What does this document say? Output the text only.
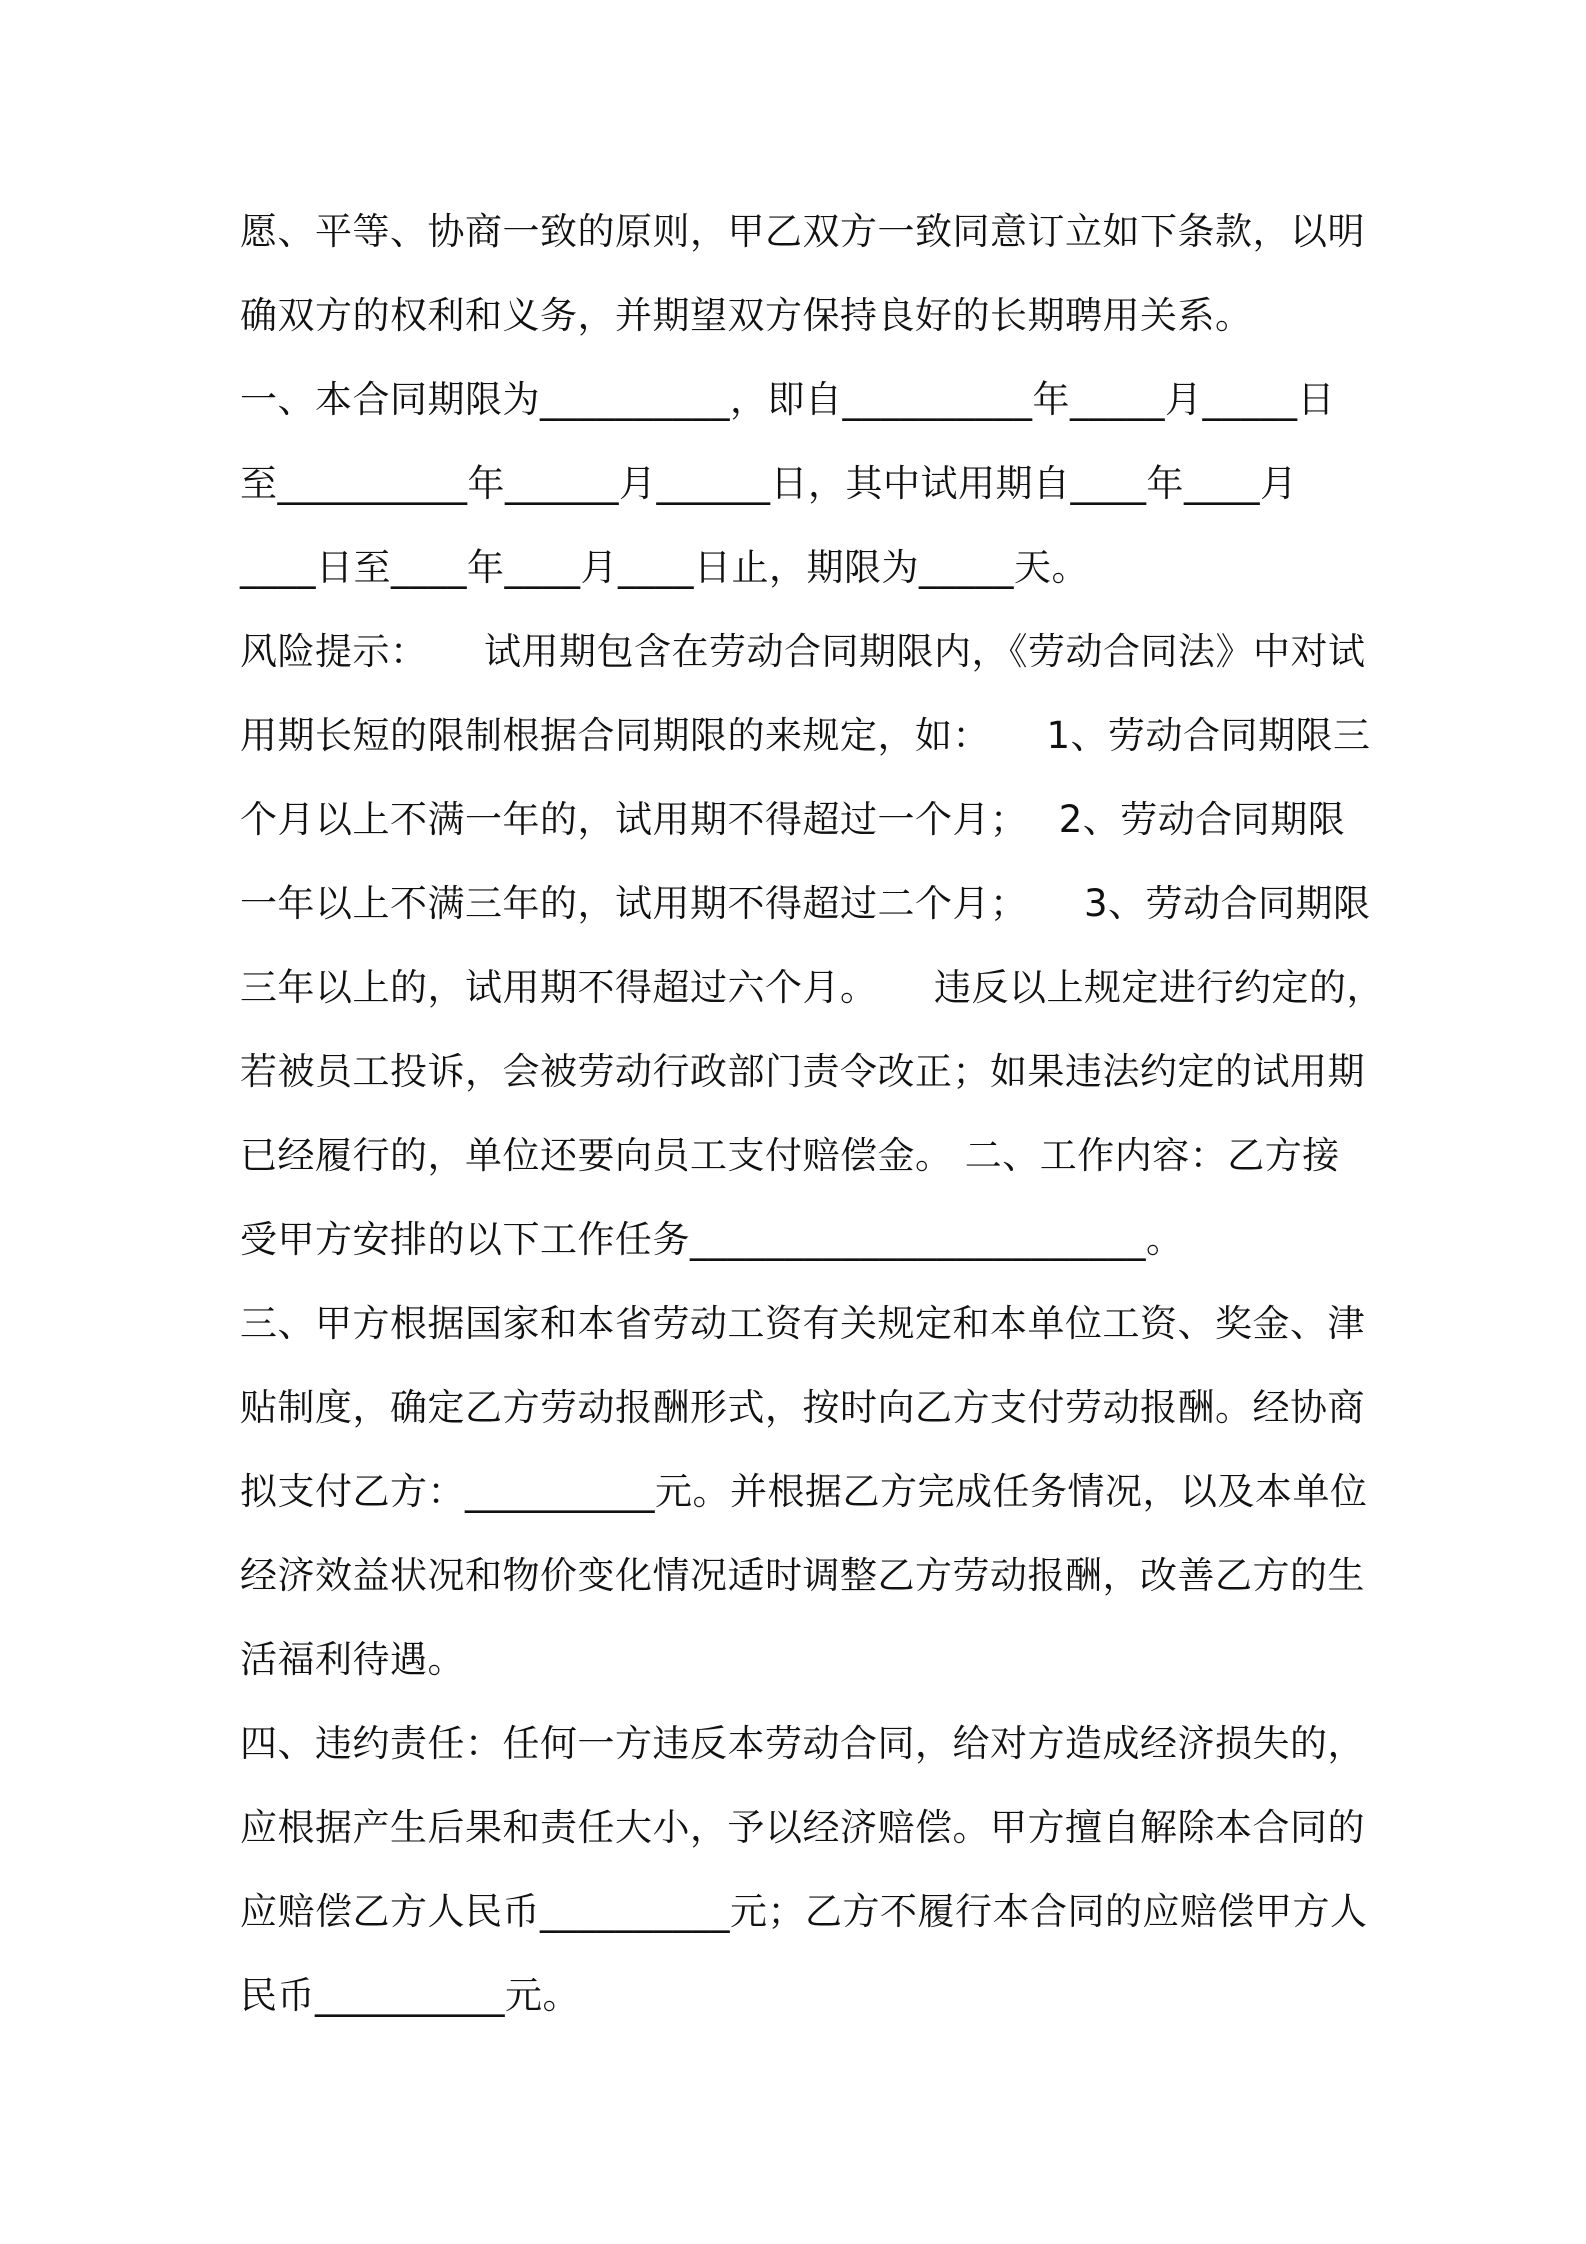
愿、平等、协商一致的原则，甲乙双方一致同意订立如下条款，以明
确双方的权利和义务，并期望双方保持良好的长期聘用关系。
一、本合同期限为__________，即自__________年_____月_____日
至__________年______月______日，其中试用期自____年____月
____日至____年____月____日止，期限为_____天。
风险提示：　　试用期包含在劳动合同期限内，《劳动合同法》中对试
用期长短的限制根据合同期限的来规定，如：　　1、劳动合同期限三
个月以上不满一年的，试用期不得超过一个月；　 2、劳动合同期限
一年以上不满三年的，试用期不得超过二个月；　　3、劳动合同期限
三年以上的，试用期不得超过六个月。　　违反以上规定进行约定的，
若被员工投诉，会被劳动行政部门责令改正；如果违法约定的试用期
已经履行的，单位还要向员工支付赔偿金。 二、工作内容：乙方接
受甲方安排的以下工作任务________________________。
三、甲方根据国家和本省劳动工资有关规定和本单位工资、奖金、津
贴制度，确定乙方劳动报酬形式，按时向乙方支付劳动报酬。经协商
拟支付乙方：__________元。并根据乙方完成任务情况，以及本单位
经济效益状况和物价变化情况适时调整乙方劳动报酬，改善乙方的生
活福利待遇。
四、违约责任：任何一方违反本劳动合同，给对方造成经济损失的，
应根据产生后果和责任大小，予以经济赔偿。甲方擅自解除本合同的
应赔偿乙方人民币__________元；乙方不履行本合同的应赔偿甲方人
民币__________元。
